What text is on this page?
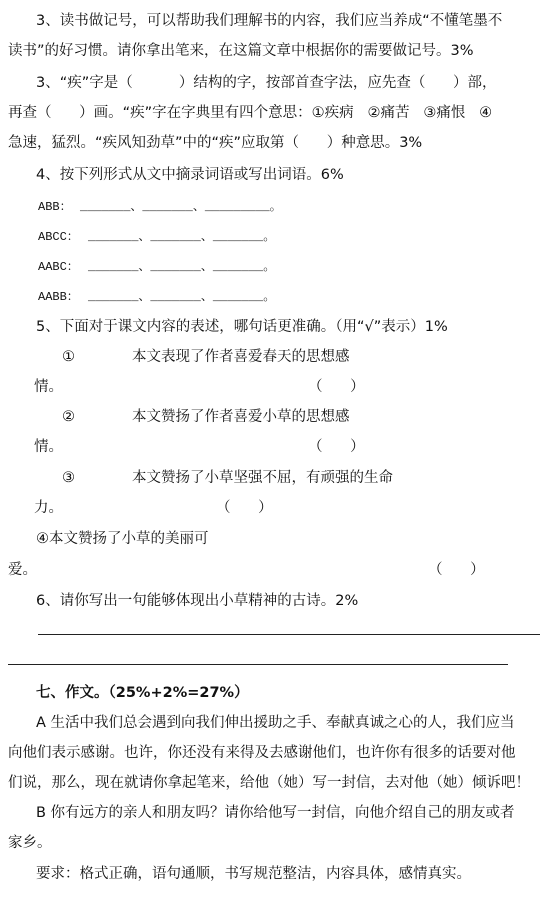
3、读书做记号，可以帮助我们理解书的内容，我们应当养成“不懂笔墨不
读书”的好习惯。请你拿出笔来，在这篇文章中根据你的需要做记号。3%
3、“疾”字是（          ）结构的字，按部首查字法，应先查（      ）部，
再查（      ）画。“疾”字在字典里有四个意思：①疾病   ②痛苦   ③痛恨   ④
急速，猛烈。“疾风知劲草”中的“疾”应取第（      ）种意思。3%
4、按下列形式从文中摘录词语或写出词语。6%
ABB： _______、_______、_________。
ABCC： _______、_______、_______。
AABC： _______、_______、_______。
AABB： _______、_______、_______。
5、下面对于课文内容的表述，哪句话更准确。（用“√”表示）1%
①	本文表现了作者喜爱春天的思想感
情。	（      ）
②	本文赞扬了作者喜爱小草的思想感
情。	（      ）
③	本文赞扬了小草坚强不屈，有顽强的生命
力。	（      ）
④本文赞扬了小草的美丽可
爱。	（      ）
6、请你写出一句能够体现出小草精神的古诗。2%
七、作文。（25%+2%=27%）
A 生活中我们总会遇到向我们伸出援助之手、奉献真诚之心的人，我们应当
向他们表示感谢。也许，你还没有来得及去感谢他们，也许你有很多的话要对他
们说，那么，现在就请你拿起笔来，给他（她）写一封信，去对他（她）倾诉吧！
B 你有远方的亲人和朋友吗？请你给他写一封信，向他介绍自己的朋友或者
家乡。
要求：格式正确，语句通顺，书写规范整洁，内容具体，感情真实。
